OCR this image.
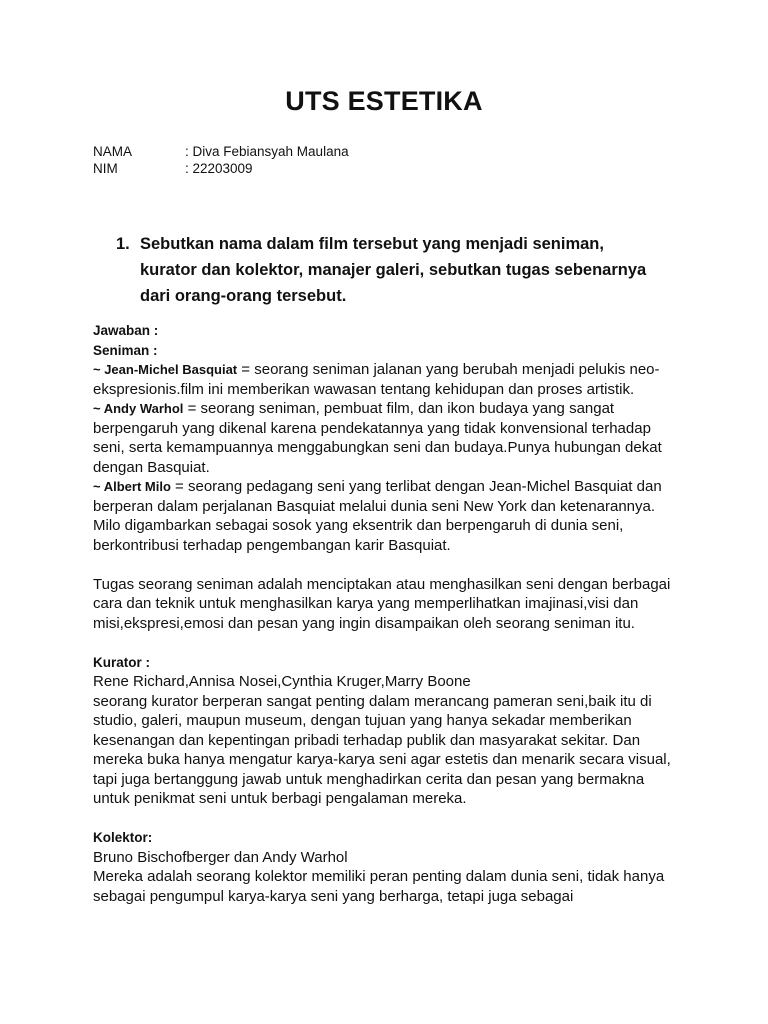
UTS ESTETIKA
NAMA	: Diva Febiansyah Maulana
NIM	: 22203009
1. Sebutkan nama dalam film tersebut yang menjadi seniman, kurator dan kolektor, manajer galeri, sebutkan tugas sebenarnya dari orang-orang tersebut.

Jawaban :

Seniman :

~ Jean-Michel Basquiat = seorang seniman jalanan yang berubah menjadi pelukis neo-ekspresionis.film ini memberikan wawasan tentang kehidupan dan proses artistik.

~ Andy Warhol = seorang seniman, pembuat film, dan ikon budaya yang sangat berpengaruh yang dikenal karena pendekatannya yang tidak konvensional terhadap seni, serta kemampuannya menggabungkan seni dan budaya.Punya hubungan dekat dengan Basquiat.

~ Albert Milo = seorang pedagang seni yang terlibat dengan Jean-Michel Basquiat dan berperan dalam perjalanan Basquiat melalui dunia seni New York dan ketenarannya. Milo digambarkan sebagai sosok yang eksentrik dan berpengaruh di dunia seni, berkontribusi terhadap pengembangan karir Basquiat.

Tugas seorang seniman adalah menciptakan atau menghasilkan seni dengan berbagai cara dan teknik untuk menghasilkan karya yang memperlihatkan imajinasi,visi dan misi,ekspresi,emosi dan pesan yang ingin disampaikan oleh seorang seniman itu.

Kurator :

Rene Richard,Annisa Nosei,Cynthia Kruger,Marry Boone

seorang kurator berperan sangat penting dalam merancang pameran seni,baik itu di studio, galeri, maupun museum, dengan tujuan yang hanya sekadar memberikan kesenangan dan kepentingan pribadi terhadap publik dan masyarakat sekitar. Dan mereka buka hanya mengatur karya-karya seni agar estetis dan menarik secara visual, tapi juga bertanggung jawab untuk menghadirkan cerita dan pesan yang bermakna untuk penikmat seni untuk berbagi pengalaman mereka.

Kolektor:

Bruno Bischofberger dan Andy Warhol

Mereka adalah seorang kolektor memiliki peran penting dalam dunia seni, tidak hanya sebagai pengumpul karya-karya seni yang berharga, tetapi juga sebagai
